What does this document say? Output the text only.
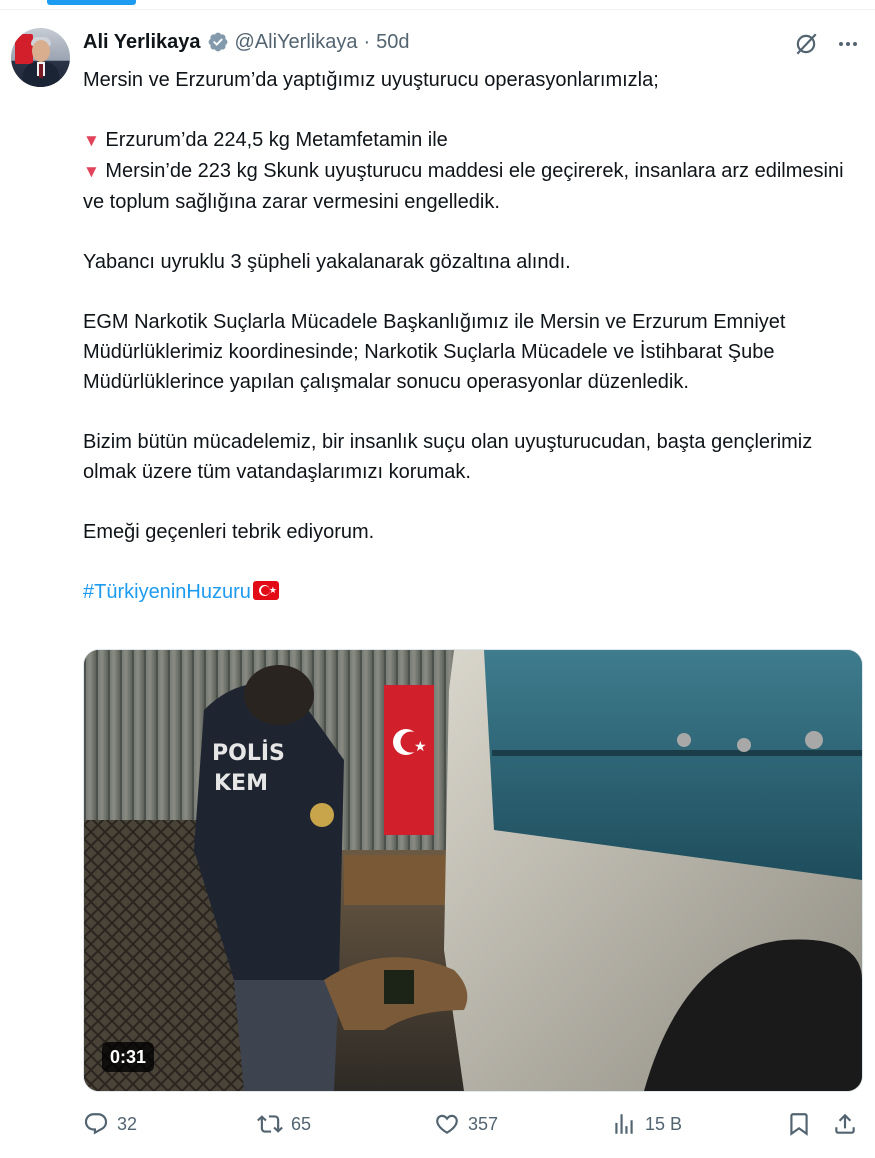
Ali Yerlikaya @AliYerlikaya · 50d

Mersin ve Erzurum’da yaptığımız uyuşturucu operasyonlarımızla;

▼ Erzurum’da 224,5 kg Metamfetamin ile

▼ Mersin’de 223 kg Skunk uyuşturucu maddesi ele geçirerek, insanlara arz edilmesini ve toplum sağlığına zarar vermesini engelledik.

Yabancı uyruklu 3 şüpheli yakalanarak gözaltına alındı.

EGM Narkotik Suçlarla Mücadele Başkanlığımız ile Mersin ve Erzurum Emniyet Müdürlüklerimiz koordinesinde; Narkotik Suçlarla Mücadele ve İstihbarat Şube Müdürlüklerince yapılan çalışmalar sonucu operasyonlar düzenledik.

Bizim bütün mücadelemiz, bir insanlık suçu olan uyuşturucudan, başta gençlerimiz olmak üzere tüm vatandaşlarımızı korumak.

Emeği geçenleri tebrik ediyorum.

#TürkiyeninHuzuru ★

★
POLİS
KEM
0:31
32	65	357	15 B
